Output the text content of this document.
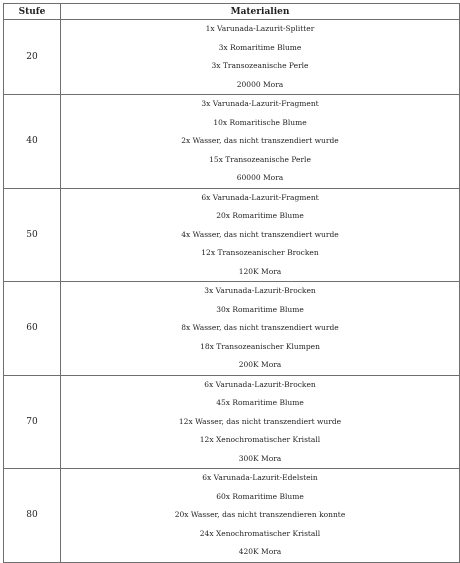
Stufe	Materialien
20	1x Varunada-Lazurit-Splitter
3x Romaritime Blume
3x Transozeanische Perle
20000 Mora

40	3x Varunada-Lazurit-Fragment
10x Romaritische Blume
2x Wasser, das nicht transzendiert wurde
15x Transozeanische Perle
60000 Mora

50	6x Varunada-Lazurit-Fragment
20x Romaritime Blume
4x Wasser, das nicht transzendiert wurde
12x Transozeanischer Brocken
120K Mora

60	3x Varunada-Lazurit-Brocken
30x Romaritime Blume
8x Wasser, das nicht transzendiert wurde
18x Transozeanischer Klumpen
200K Mora

70	6x Varunada-Lazurit-Brocken
45x Romaritime Blume
12x Wasser, das nicht transzendiert wurde
12x Xenochromatischer Kristall
300K Mora

80	6x Varunada-Lazurit-Edelstein
60x Romaritime Blume
20x Wasser, das nicht transzendieren konnte
24x Xenochromatischer Kristall
420K Mora
